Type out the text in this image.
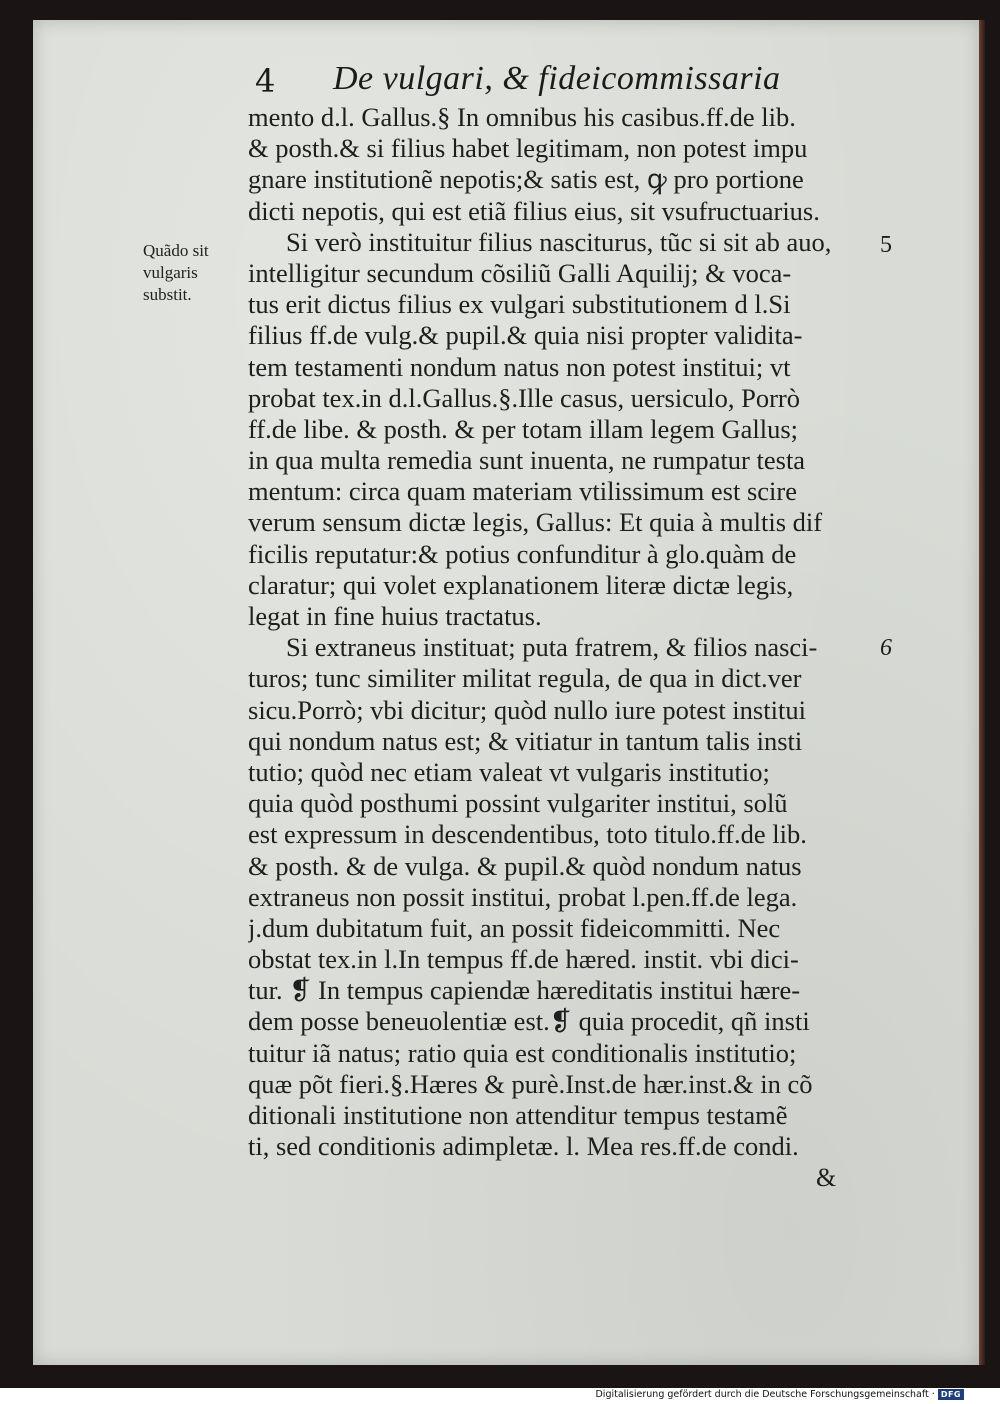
4 De vulgari, & fideicommissaria
Quãdo sit
vulgaris
substit.
5
6
mento d.l. Gallus.§ In omnibus his casibus.ff.de lib.
& posth.& si filius habet legitimam, non potest impu
gnare institutionẽ nepotis;& satis est, ꝙ pro portione
dicti nepotis, qui est etiã filius eius, sit vsufructuarius.
Si verò instituitur filius nasciturus, tũc si sit ab auo,
intelligitur secundum cõsiliũ Galli Aquilij; & voca-
tus erit dictus filius ex vulgari substitutionem d l.Si
filius ff.de vulg.& pupil.& quia nisi propter validita-
tem testamenti nondum natus non potest institui; vt
probat tex.in d.l.Gallus.§.Ille casus, uersiculo, Porrò
ff.de libe. & posth. & per totam illam legem Gallus;
in qua multa remedia sunt inuenta, ne rumpatur testa
mentum: circa quam materiam vtilissimum est scire
verum sensum dictæ legis, Gallus: Et quia à multis dif
ficilis reputatur:& potius confunditur à glo.quàm de
claratur; qui volet explanationem literæ dictæ legis,
legat in fine huius tractatus.
Si extraneus instituat; puta fratrem, & filios nasci-
turos; tunc similiter militat regula, de qua in dict.ver
sicu.Porrò; vbi dicitur; quòd nullo iure potest institui
qui nondum natus est; & vitiatur in tantum talis insti
tutio; quòd nec etiam valeat vt vulgaris institutio;
quia quòd posthumi possint vulgariter institui, solũ
est expressum in descendentibus, toto titulo.ff.de lib.
& posth. & de vulga. & pupil.& quòd nondum natus
extraneus non possit institui, probat l.pen.ff.de lega.
j.dum dubitatum fuit, an possit fideicommitti. Nec
obstat tex.in l.In tempus ff.de hæred. instit. vbi dici-
tur. ❡ In tempus capiendæ hæreditatis institui hære-
dem posse beneuolentiæ est.❡ quia procedit, qñ insti
tuitur iã natus; ratio quia est conditionalis institutio;
quæ põt fieri.§.Hæres & purè.Inst.de hær.inst.& in cõ
ditionali institutione non attenditur tempus testamẽ
ti, sed conditionis adimpletæ. l. Mea res.ff.de condi.
&
Digitalisierung gefördert durch die Deutsche Forschungsgemeinschaft · DFG
